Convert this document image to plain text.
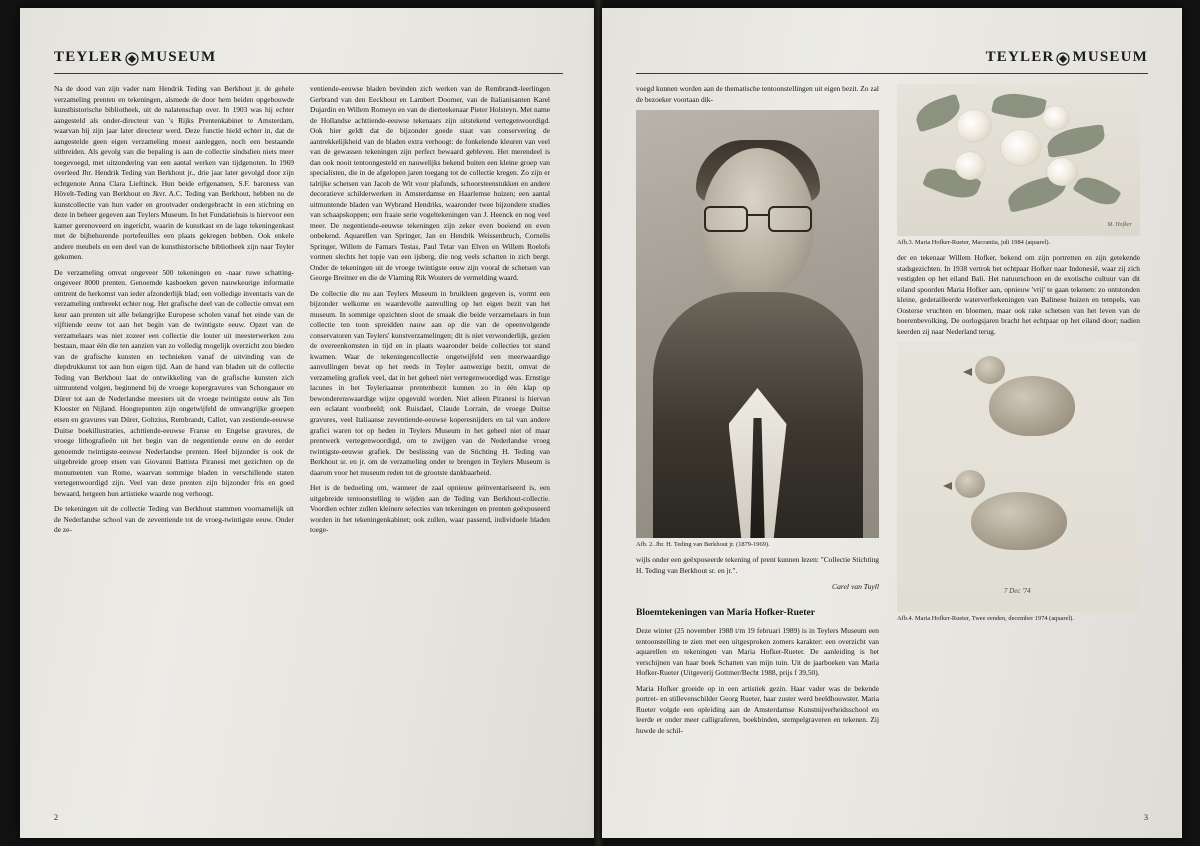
TEYLER MUSEUM

Na de dood van zijn vader nam Hendrik Teding van Berkhout jr. de gehele verzameling prenten en tekeningen, alsmede de door hem beiden opgebouwde kunsthistorische bibliotheek, uit de nalatenschap over. In 1903 was hij echter aangesteld als onder-directeur van 's Rijks Prentenkabinet te Amsterdam, waarvan hij zijn jaar later directeur werd. Deze functie hield echter in, dat de aangestelde geen eigen verzameling moest aanleggen, noch een bestaande uitbreiden. Als gevolg van die bepaling is aan de collectie sindsdien niets meer toegevoegd, met uitzondering van een aantal werken van tijdgenoten. In 1969 overleed Jhr. Hendrik Teding van Berkhout jr., drie jaar later gevolgd door zijn echtgenote Anna Clara Lieftinck. Hun beide erfgenamen, S.F. baroness van Hövelt-Teding van Berkhout en Jkvr. A.C. Teding van Berkhout, hebben nu de kunstcollectie van hun vader en grootvader ondergebracht in een stichting en deze in beheer gegeven aan Teylers Museum. In het Fundatiehuis is hiervoor een kamer gerenoveerd en ingericht, waarin de kunstkast en de lage tekeningenkast met de bijbehorende portefeuilles een plaats gekregen hebben. Ook enkele andere meubels en een deel van de kunsthistorische bibliotheek zijn naar Teyler gekomen.

De verzameling omvat ongeveer 500 tekeningen en -naar ruwe schatting- ongeveer 8000 prenten. Genoemde kasboeken geven nauwkeurige informatie omtrent de herkomst van ieder afzonderlijk blad; een volledige inventaris van de verzameling ontbreekt echter nog. Het grafische deel van de collectie omvat een keur aan prenten uit alle belangrijke Europese scholen vanaf het einde van de vijftiende eeuw tot aan het begin van de twintigste eeuw. Opzet van de verzamelaars was niet zozeer een collectie die louter uit meesterwerken zou bestaan, maar één die ten aanzien van zo volledig mogelijk overzicht zou bieden van de grafische kunsten en technieken vanaf de uitvinding van de diepdrukkunst tot aan hun eigen tijd. Aan de hand van bladen uit de collectie Teding van Berkhout laat de ontwikkeling van de grafische kunsten zich uitmuntend volgen, beginnend bij de vroege kopergravures van Schongauer en Dürer tot aan de Nederlandse meesters uit de vroege twintigste eeuw als Ten Klooster en Nijland. Hoogtepunten zijn ongetwijfeld de omvangrijke groepen etsen en gravures van Dürer, Goltzius, Rembrandt, Callot, van zestiende-eeuwse Duitse boekillustraties, achttiende-eeuwse Franse en Engelse gravures, de vroege lithografieën uit het begin van de negentiende eeuw en de eerder genoemde twintigste-eeuwse Nederlandse prenten. Heel bijzonder is ook de uitgebreide groep etsen van Giovanni Battista Piranesi met gezichten op de monumenten van Rome, waarvan sommige bladen in verschillende staten vertegenwoordigd zijn. Veel van deze prenten zijn bijzonder fris en goed bewaard, hetgeen hun artistieke waarde nog verhoogt.

De tekeningen uit de collectie Teding van Berkhout stammen voornamelijk uit de Nederlandse school van de zeventiende tot de vroeg-twintigste eeuw. Onder de ze-

ventiende-eeuwse bladen bevinden zich werken van de Rembrandt-leerlingen Gerbrand van den Eeckhout en Lambert Doomer, van de Italianisanten Karel Dujardin en Willem Romeyn en van de dierteekenaar Pieter Holsteyn. Met name de Hollandse achttiende-eeuwse tekenaars zijn uitstekend vertegenwoordigd. Ook hier geldt dat de bijzonder goede staat van conservering de aantrekkelijkheid van de bladen extra verhoogt: de fonkelende kleuren van veel van de gewassen tekeningen zijn perfect bewaard gebleven. Het merendeel is dan ook nooit tentoongesteld en nauwelijks bekend buiten een kleine groep van specialisten, die in de afgelopen jaren toegang tot de collectie kregen. Zo zijn er talrijke schetsen van Jacob de Wit voor plafonds, schoorsteenstukken en andere decoratieve schilderwerken in Amsterdamse en Haarlemse huizen; een aantal uitmuntende bladen van Wybrand Hendriks, waaronder twee bijzondere studies van schaapskoppen; een fraaie serie vogeltekeningen van J. Heenck en nog veel meer. De negentiende-eeuwse tekeningen zijn zeker even boeiend en even onbekend. Aquarellen van Springer, Jan en Hendrik Weissenbruch, Cornelis Springer, Willem de Famars Testas, Paul Tetar van Elven en Willem Roelofs vormen slechts het topje van een ijsberg, die nog veels schatten in zich bergt. Onder de tekeningen uit de vroege twintigste eeuw zijn vooral de schetsen van George Breitner en die de Vlaming Rik Wouters de vermelding waard.

De collectie die nu aan Teylers Museum in bruikleen gegeven is, vormt een bijzonder welkome en waardevolle aanvulling op het eigen bezit van het museum. In sommige opzichten sloot de smaak die beide verzamelaars in hun collectie ten toon spreidden nauw aan op die van de opeenvolgende conservatoren van Teylers' kunstverzamelingen; dit is niet verwonderlijk, gezien de overeenkomsten in tijd en in plaats waaronder beide collecties tot stand kwamen. Waar de tekeningencollectie ongetwijfeld een meerwaardige aanvullingen bevat op het reeds in Teyler aanwezige bezit, omvat de verzameling grafiek veel, dat in het geheel niet vertegenwoordigd was. Ernstige lacunes in het Teyleriaanse prentenbezit kunnen zo in één klap op bewonderenswaardige wijze opgevuld worden. Niet alleen Piranesi is hiervan een eclatant voorbeeld; ook Ruisdael, Claude Lorrain, de vroege Duitse gravures, veel Italiaanse zeventiende-eeuwse koperesnijders en tal van andere grafici waren tot op heden in Teylers Museum in het geheel niet of maar prentwerk vertegenwoordigd, om te zwijgen van de Nederlandse vroeg twintigste-eeuwse grafiek. De beslissing van de Stichting H. Teding van Berkhout sr. en jr. om de verzameling onder te brengen in Teylers Museum is daarom voor het museum reden tot de grootste dankbaarheid.

Het is de bedoeling om, wanneer de zaal opnieuw geïnventariseerd is, een uitgebreide tentoonstelling te wijden aan de Teding van Berkhout-collectie. Voordien echter zullen kleinere selecties van tekeningen en prenten geëxposeerd worden in het tekeningenkabinet; ook zullen, waar passend, individuele bladen toege-

2
TEYLER MUSEUM

voegd kunnen worden aan de thematische tentoonstellingen uit eigen bezit. Zo zal de bezoeker voortaan dik-

Afb. 2. Jhr. H. Teding van Berkhout jr. (1879-1969).

wijls onder een geëxposeerde tekening of prent kunnen lezen: "Collectie Stichting H. Teding van Berkhout sr. en jr.".

Carel van Tuyll
Bloemtekeningen van Maria Hofker-Rueter

Deze winter (25 november 1988 t/m 19 februari 1989) is in Teylers Museum een tentoonstelling te zien met een uitgesproken zomers karakter: een overzicht van aquarellen en tekeningen van Maria Hofker-Rueter. De aanleiding is het verschijnen van haar boek Schatten van mijn tuin. Uit de jaarboeken van Maria Hofker-Rueter (Uitgeverij Gottmer/Becht 1988, prijs f 39,50).

Maria Hofker groeide op in een artistiek gezin. Haar vader was de bekende portret- en stillevenschilder Georg Rueter, haar zuster werd beeldhouwster. Maria Rueter volgde een opleiding aan de Amsterdamse Kunstnijverheidsschool en leerde er onder meer calligraferen, boekbinden, stempelgraveren en tekenen. Zij huwde de schil-

M. Hofker
Afb.3. Maria Hofker-Rueter, Macrantia, juli 1984 (aquarel).

der en tekenaar Willem Hofker, bekend om zijn portretten en zijn getekende stadsgezichten. In 1938 vertrok het echtpaar Hofker naar Indonesië, waar zij zich vestigden op het eiland Bali. Het natuurschoon en de exotische cultuur van dit eiland spoorden Maria Hofker aan, opnieuw 'vrij' te gaan tekenen: zo ontstonden kleine, gedetailleerde waterverftekeningen van Balinese huizen en tempels, van Oosterse vruchten en bloemen, maar ook rake schetsen van het leven van de boerenbevolking. De oorlogsjaren bracht het echtpaar op het eiland door; nadien keerden zij naar Nederland terug.

7 Dec '74
Afb.4. Maria Hofker-Rueter, Twee eenden, december 1974 (aquarel).
3
